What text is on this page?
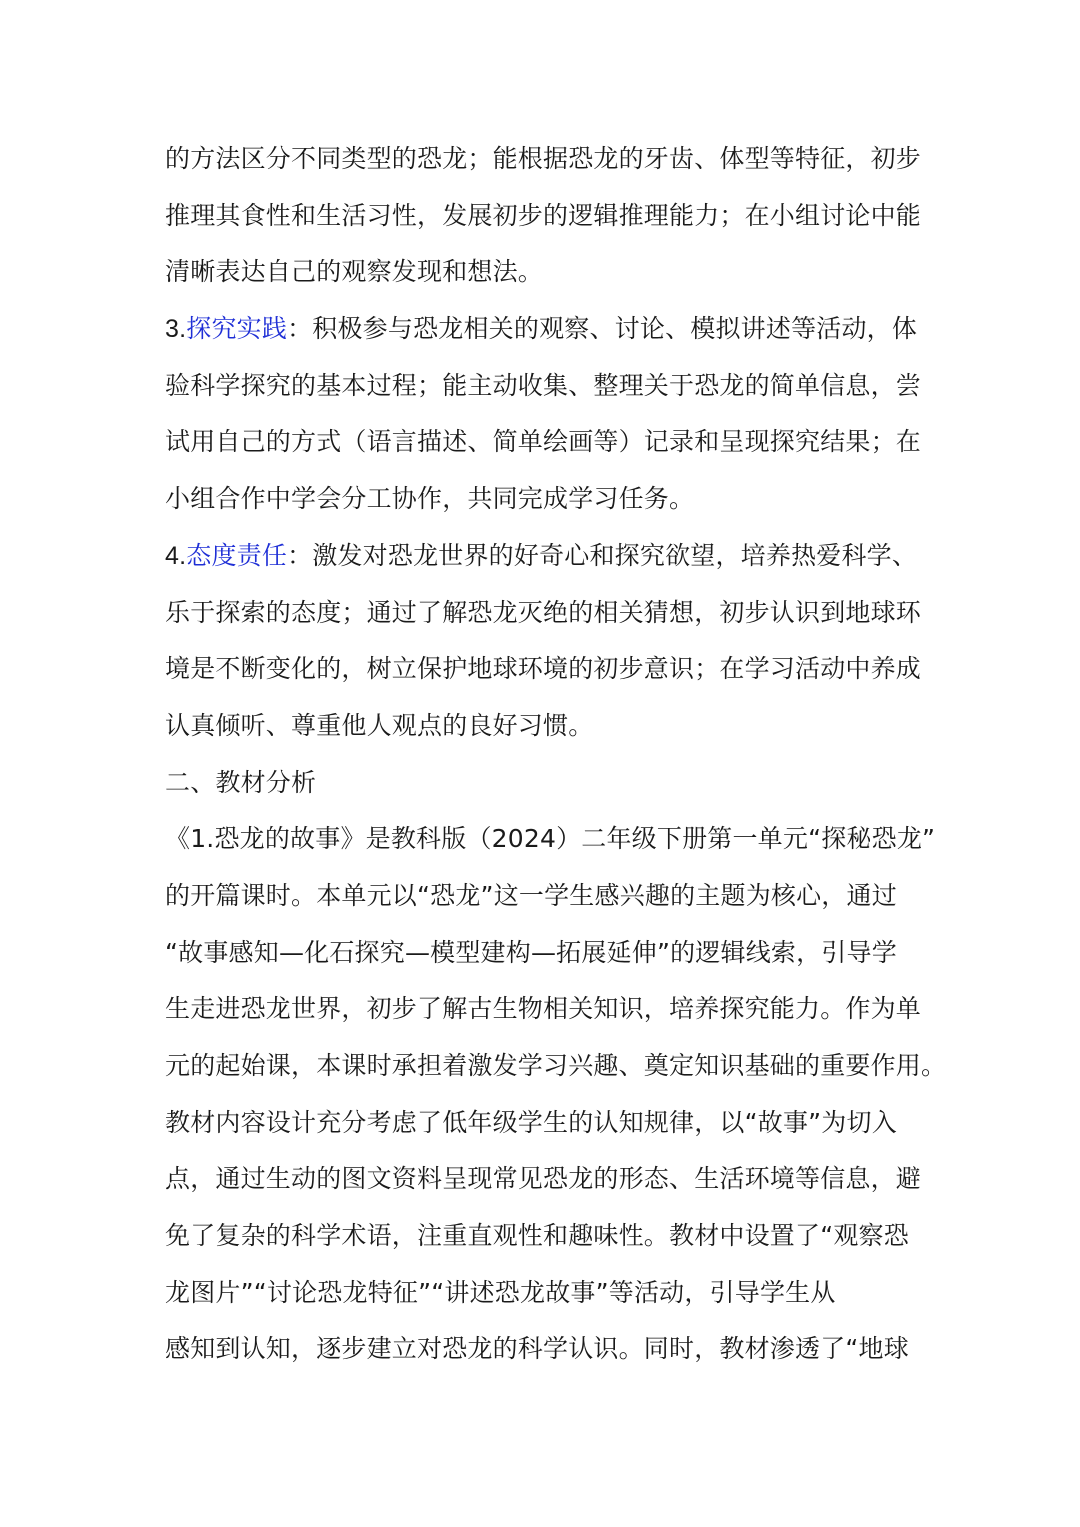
的方法区分不同类型的恐龙；能根据恐龙的牙齿、体型等特征，初步
推理其食性和生活习性，发展初步的逻辑推理能力；在小组讨论中能
清晰表达自己的观察发现和想法。
3.探究实践：积极参与恐龙相关的观察、讨论、模拟讲述等活动，体
验科学探究的基本过程；能主动收集、整理关于恐龙的简单信息，尝
试用自己的方式（语言描述、简单绘画等）记录和呈现探究结果；在
小组合作中学会分工协作，共同完成学习任务。
4.态度责任：激发对恐龙世界的好奇心和探究欲望，培养热爱科学、
乐于探索的态度；通过了解恐龙灭绝的相关猜想，初步认识到地球环
境是不断变化的，树立保护地球环境的初步意识；在学习活动中养成
认真倾听、尊重他人观点的良好习惯。
二、教材分析
《1.恐龙的故事》是教科版（2024）二年级下册第一单元“探秘恐龙”
的开篇课时。本单元以“恐龙”这一学生感兴趣的主题为核心，通过
“故事感知—化石探究—模型建构—拓展延伸”的逻辑线索，引导学
生走进恐龙世界，初步了解古生物相关知识，培养探究能力。作为单
元的起始课，本课时承担着激发学习兴趣、奠定知识基础的重要作用。
教材内容设计充分考虑了低年级学生的认知规律，以“故事”为切入
点，通过生动的图文资料呈现常见恐龙的形态、生活环境等信息，避
免了复杂的科学术语，注重直观性和趣味性。教材中设置了“观察恐
龙图片”“讨论恐龙特征”“讲述恐龙故事”等活动，引导学生从
感知到认知，逐步建立对恐龙的科学认识。同时，教材渗透了“地球
